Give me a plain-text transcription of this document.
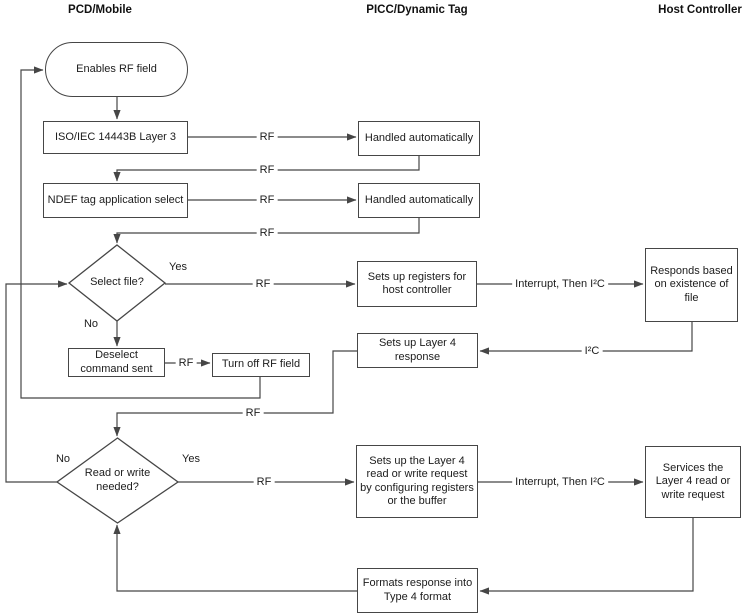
PCD/Mobile	PICC/Dynamic Tag	Host Controller
Enables RF field
ISO/IEC 14443B Layer 3
NDEF tag application select
Deselect command sent	Turn off RF field
Handled automatically
Handled automatically
Sets up registers for host controller
Sets up Layer 4 response
Sets up the Layer 4 read or write request by configuring registers or the buffer
Formats response into Type 4 format
Responds based on existence of file
Services the Layer 4 read or write request
Select file?
Read or write needed?
RF
RF
RF
RF
Yes
RF
No
RF
Interrupt, Then I²C
I²C
RF
No	Yes
RF	Interrupt, Then I²C
